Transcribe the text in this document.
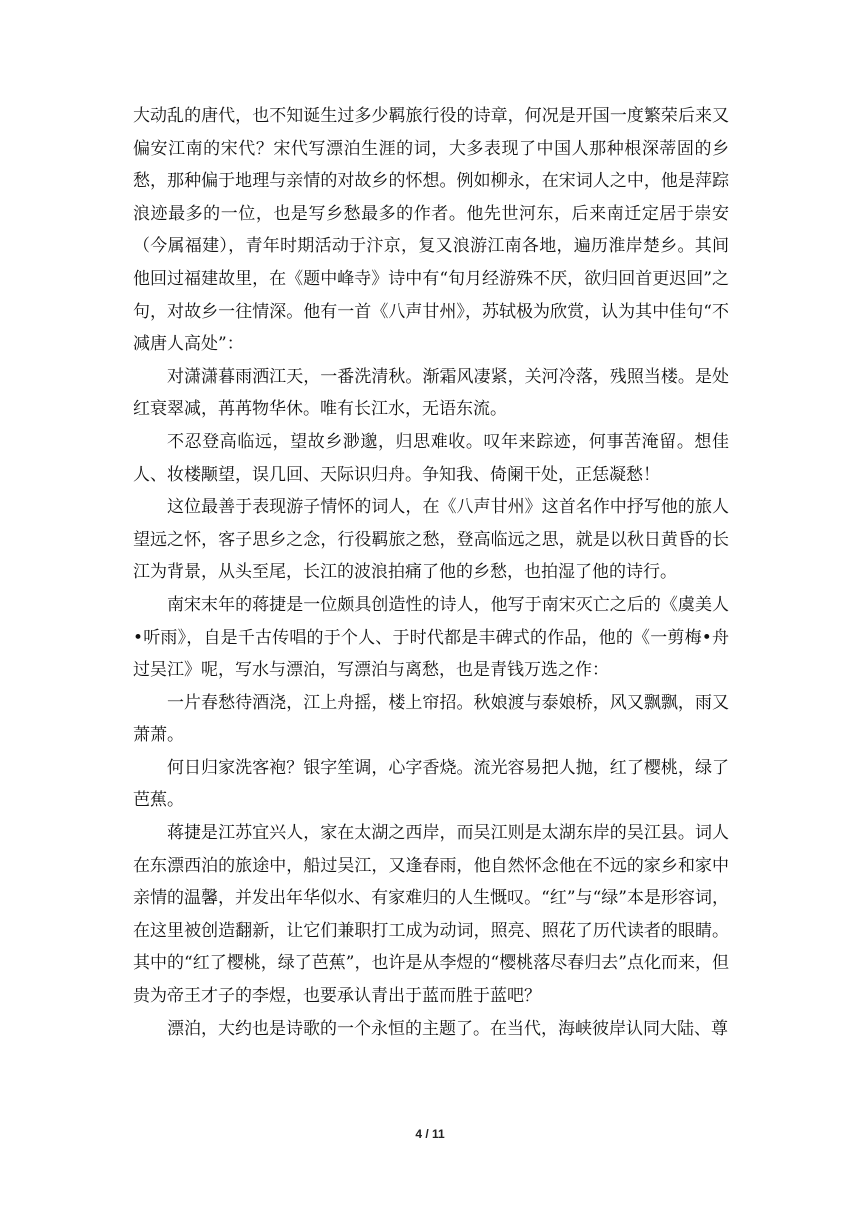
大动乱的唐代，也不知诞生过多少羁旅行役的诗章，何况是开国一度繁荣后来又偏安江南的宋代？宋代写漂泊生涯的词，大多表现了中国人那种根深蒂固的乡愁，那种偏于地理与亲情的对故乡的怀想。例如柳永，在宋词人之中，他是萍踪浪迹最多的一位，也是写乡愁最多的作者。他先世河东，后来南迁定居于崇安（今属福建），青年时期活动于汴京，复又浪游江南各地，遍历淮岸楚乡。其间他回过福建故里，在《题中峰寺》诗中有“旬月经游殊不厌，欲归回首更迟回”之句，对故乡一往情深。他有一首《八声甘州》，苏轼极为欣赏，认为其中佳句“不减唐人高处”：

对潇潇暮雨洒江天，一番洗清秋。渐霜风凄紧，关河冷落，残照当楼。是处红衰翠减，苒苒物华休。唯有长江水，无语东流。

不忍登高临远，望故乡渺邈，归思难收。叹年来踪迹，何事苦淹留。想佳人、妆楼颙望，误几回、天际识归舟。争知我、倚阑干处，正恁凝愁！

这位最善于表现游子情怀的词人，在《八声甘州》这首名作中抒写他的旅人望远之怀，客子思乡之念，行役羁旅之愁，登高临远之思，就是以秋日黄昏的长江为背景，从头至尾，长江的波浪拍痛了他的乡愁，也拍湿了他的诗行。

南宋末年的蒋捷是一位颇具创造性的诗人，他写于南宋灭亡之后的《虞美人•听雨》，自是千古传唱的于个人、于时代都是丰碑式的作品，他的《一剪梅•舟过吴江》呢，写水与漂泊，写漂泊与离愁，也是青钱万选之作：

一片春愁待酒浇，江上舟摇，楼上帘招。秋娘渡与泰娘桥，风又飘飘，雨又萧萧。

何日归家洗客袍？银字笙调，心字香烧。流光容易把人抛，红了樱桃，绿了芭蕉。

蒋捷是江苏宜兴人，家在太湖之西岸，而吴江则是太湖东岸的吴江县。词人在东漂西泊的旅途中，船过吴江，又逢春雨，他自然怀念他在不远的家乡和家中亲情的温馨，并发出年华似水、有家难归的人生慨叹。“红”与“绿”本是形容词，在这里被创造翻新，让它们兼职打工成为动词，照亮、照花了历代读者的眼睛。其中的“红了樱桃，绿了芭蕉”，也许是从李煜的“樱桃落尽春归去”点化而来，但贵为帝王才子的李煜，也要承认青出于蓝而胜于蓝吧？

漂泊，大约也是诗歌的一个永恒的主题了。在当代，海峡彼岸认同大陆、尊

4 / 11
